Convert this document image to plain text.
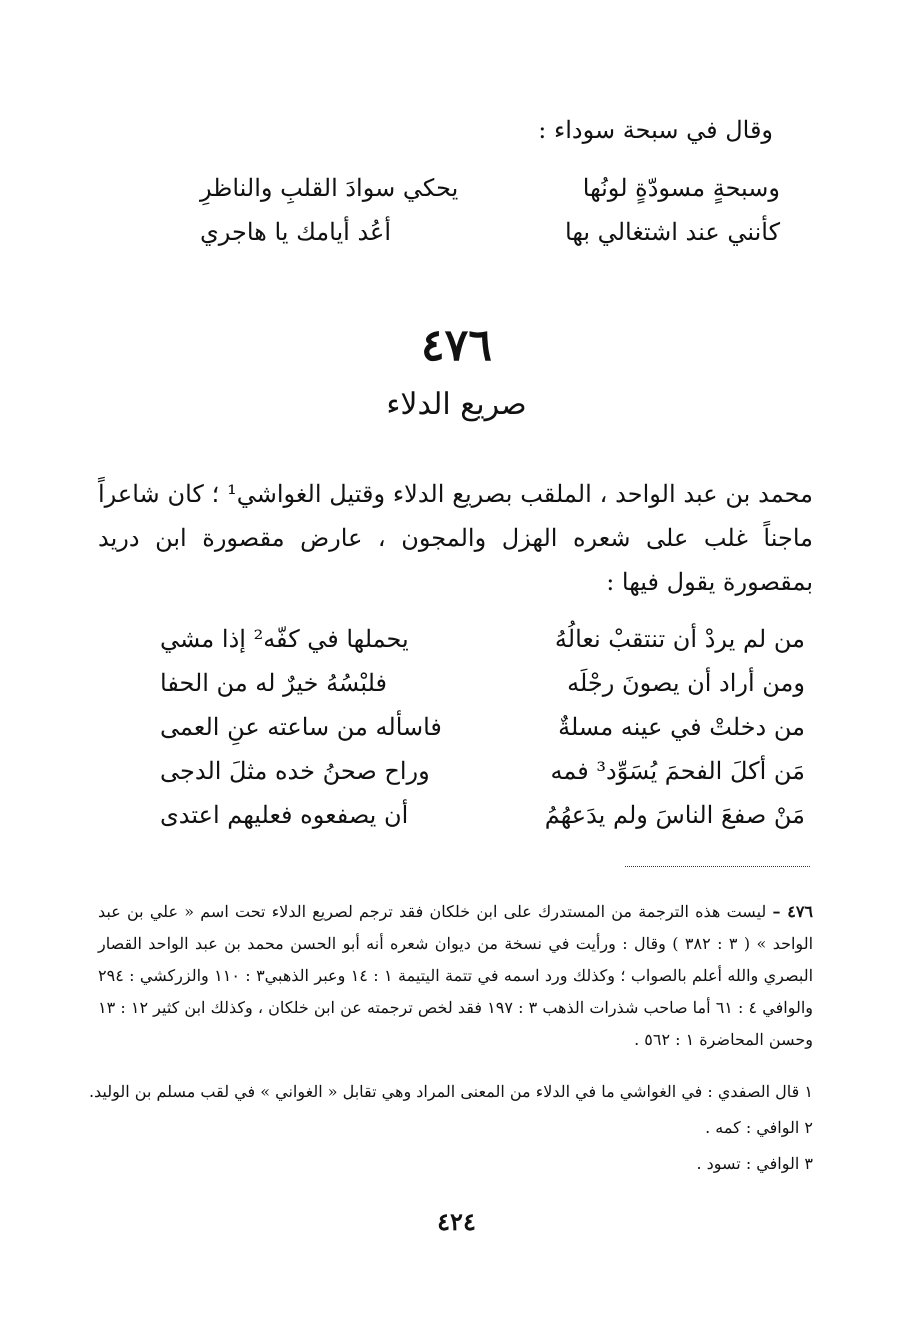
وقال في سبحة سوداء :
وسبحةٍ مسودّةٍ لونُها
يحكي سوادَ القلبِ والناظرِ
كأنني عند اشتغالي بها
أعُد أيامك يا هاجري
٤٧٦
صريع الدلاء

محمد بن عبد الواحد ، الملقب بصريع الدلاء وقتيل الغواشي¹ ؛ كان شاعراً ماجناً غلب على شعره الهزل والمجون ، عارض مقصورة ابن دريد بمقصورة يقول فيها :

من لم يردْ أن تنتقبْ نعالُهُ
يحملها في كفّه² إذا مشي
ومن أراد أن يصونَ رجْلَه
فلبْسُهُ خيرٌ له من الحفا
من دخلتْ في عينه مسلةٌ
فاسأله من ساعته عنِ العمى
مَن أكلَ الفحمَ يُسَوِّد³ فمه
وراح صحنُ خده مثلَ الدجى
مَنْ صفعَ الناسَ ولم يدَعهُمُ
أن يصفعوه فعليهم اعتدى

٤٧٦ – ليست هذه الترجمة من المستدرك على ابن خلكان فقد ترجم لصريع الدلاء تحت اسم « علي بن عبد الواحد » ( ٣ : ٣٨٢ ) وقال : ورأيت في نسخة من ديوان شعره أنه أبو الحسن محمد بن عبد الواحد القصار البصري والله أعلم بالصواب ؛ وكذلك ورد اسمه في تتمة اليتيمة ١ : ١٤ وعبر الذهبي٣ : ١١٠ والزركشي : ٢٩٤ والوافي ٤ : ٦١ أما صاحب شذرات الذهب ٣ : ١٩٧ فقد لخص ترجمته عن ابن خلكان ، وكذلك ابن كثير ١٢ : ١٣ وحسن المحاضرة ١ : ٥٦٢ .

١ قال الصفدي : في الغواشي ما في الدلاء من المعنى المراد وهي تقابل « الغواني » في لقب مسلم بن الوليد.
٢ الوافي : كمه .
٣ الوافي : تسود .
٤٢٤
